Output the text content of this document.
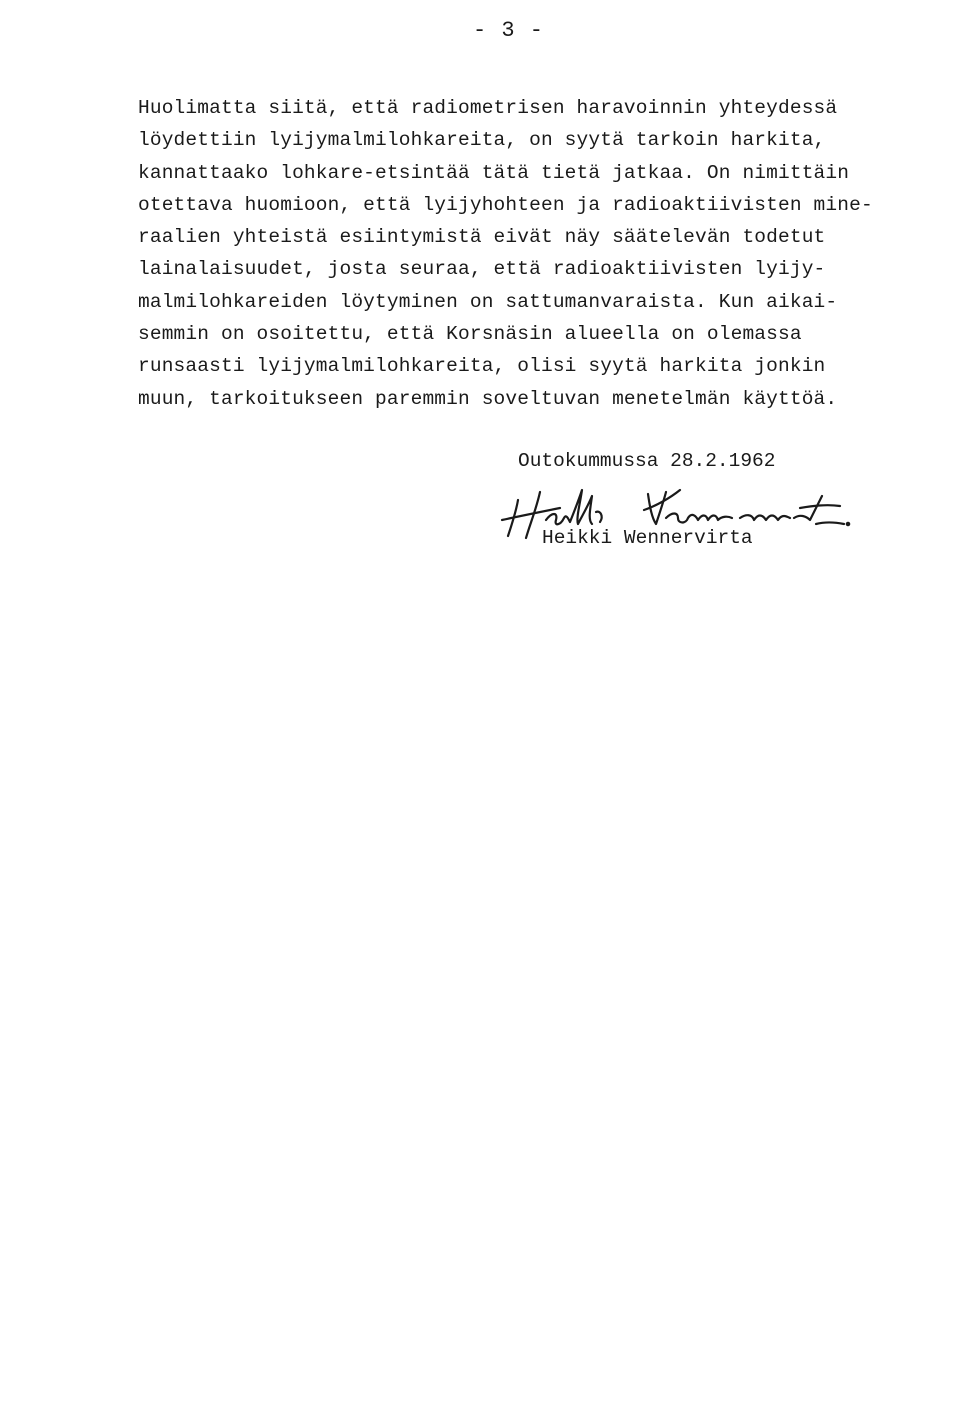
- 3 -
Huolimatta siitä, että radiometrisen haravoinnin yhteydessä
löydettiin lyijymalmilohkareita, on syytä tarkoin harkita,
kannattaako lohkare-etsintää tätä tietä jatkaa. On nimittäin
otettava huomioon, että lyijyhohteen ja radioaktiivisten mine-
raalien yhteistä esiintymistä eivät näy säätelevän todetut
lainalaisuudet, josta seuraa, että radioaktiivisten lyijy-
malmilohkareiden löytyminen on sattumanvaraista. Kun aikai-
semmin on osoitettu, että Korsnäsin alueella on olemassa
runsaasti lyijymalmilohkareita, olisi syytä harkita jonkin
muun, tarkoitukseen paremmin soveltuvan menetelmän käyttöä.
Outokummussa 28.2.1962
Heikki Wennervirta
